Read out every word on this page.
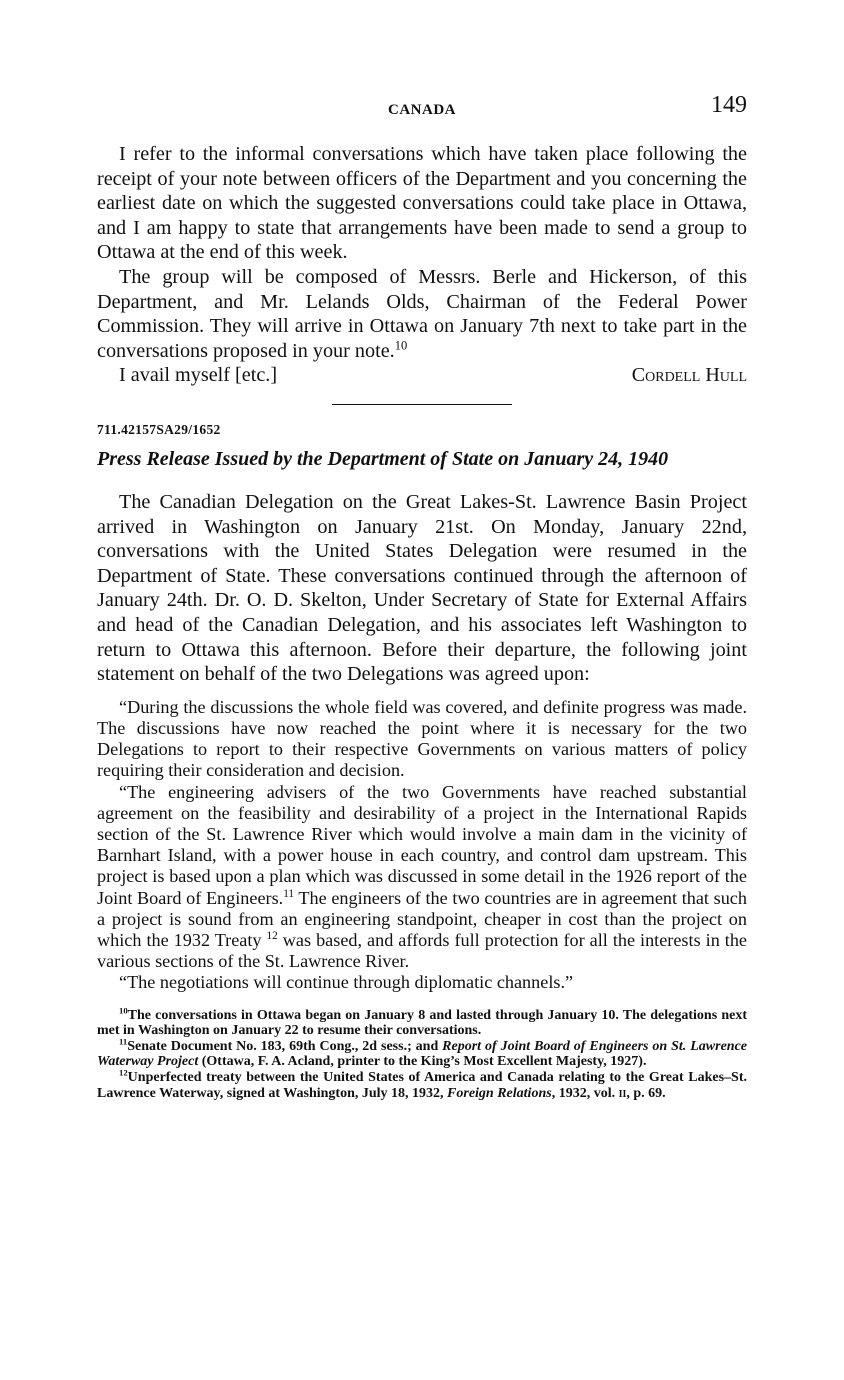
CANADA	149

I refer to the informal conversations which have taken place following the receipt of your note between officers of the Department and you concerning the earliest date on which the suggested conversations could take place in Ottawa, and I am happy to state that arrangements have been made to send a group to Ottawa at the end of this week.

The group will be composed of Messrs. Berle and Hickerson, of this Department, and Mr. Lelands Olds, Chairman of the Federal Power Commission. They will arrive in Ottawa on January 7th next to take part in the conversations proposed in your note.$^{10}$

I avail myself [etc.]	Cordell Hull
711.42157SA29/1652
Press Release Issued by the Department of State on January 24, 1940

The Canadian Delegation on the Great Lakes-St. Lawrence Basin Project arrived in Washington on January 21st. On Monday, January 22nd, conversations with the United States Delegation were resumed in the Department of State. These conversations continued through the afternoon of January 24th. Dr. O. D. Skelton, Under Secretary of State for External Affairs and head of the Canadian Delegation, and his associates left Washington to return to Ottawa this afternoon. Before their departure, the following joint statement on behalf of the two Delegations was agreed upon:

“During the discussions the whole field was covered, and definite progress was made. The discussions have now reached the point where it is necessary for the two Delegations to report to their respective Governments on various matters of policy requiring their consideration and decision.

“The engineering advisers of the two Governments have reached substantial agreement on the feasibility and desirability of a project in the International Rapids section of the St. Lawrence River which would involve a main dam in the vicinity of Barnhart Island, with a power house in each country, and control dam upstream. This project is based upon a plan which was discussed in some detail in the 1926 report of the Joint Board of Engineers.$^{11}$ The engineers of the two countries are in agreement that such a project is sound from an engineering standpoint, cheaper in cost than the project on which the 1932 Treaty $^{12}$ was based, and affords full protection for all the interests in the various sections of the St. Lawrence River.

“The negotiations will continue through diplomatic channels.”

$^{10}$The conversations in Ottawa began on January 8 and lasted through January 10. The delegations next met in Washington on January 22 to resume their conversations.

$^{11}$Senate Document No. 183, 69th Cong., 2d sess.; and Report of Joint Board of Engineers on St. Lawrence Waterway Project (Ottawa, F. A. Acland, printer to the King’s Most Excellent Majesty, 1927).

$^{12}$Unperfected treaty between the United States of America and Canada relating to the Great Lakes–St. Lawrence Waterway, signed at Washington, July 18, 1932, Foreign Relations, 1932, vol. ii, p. 69.
